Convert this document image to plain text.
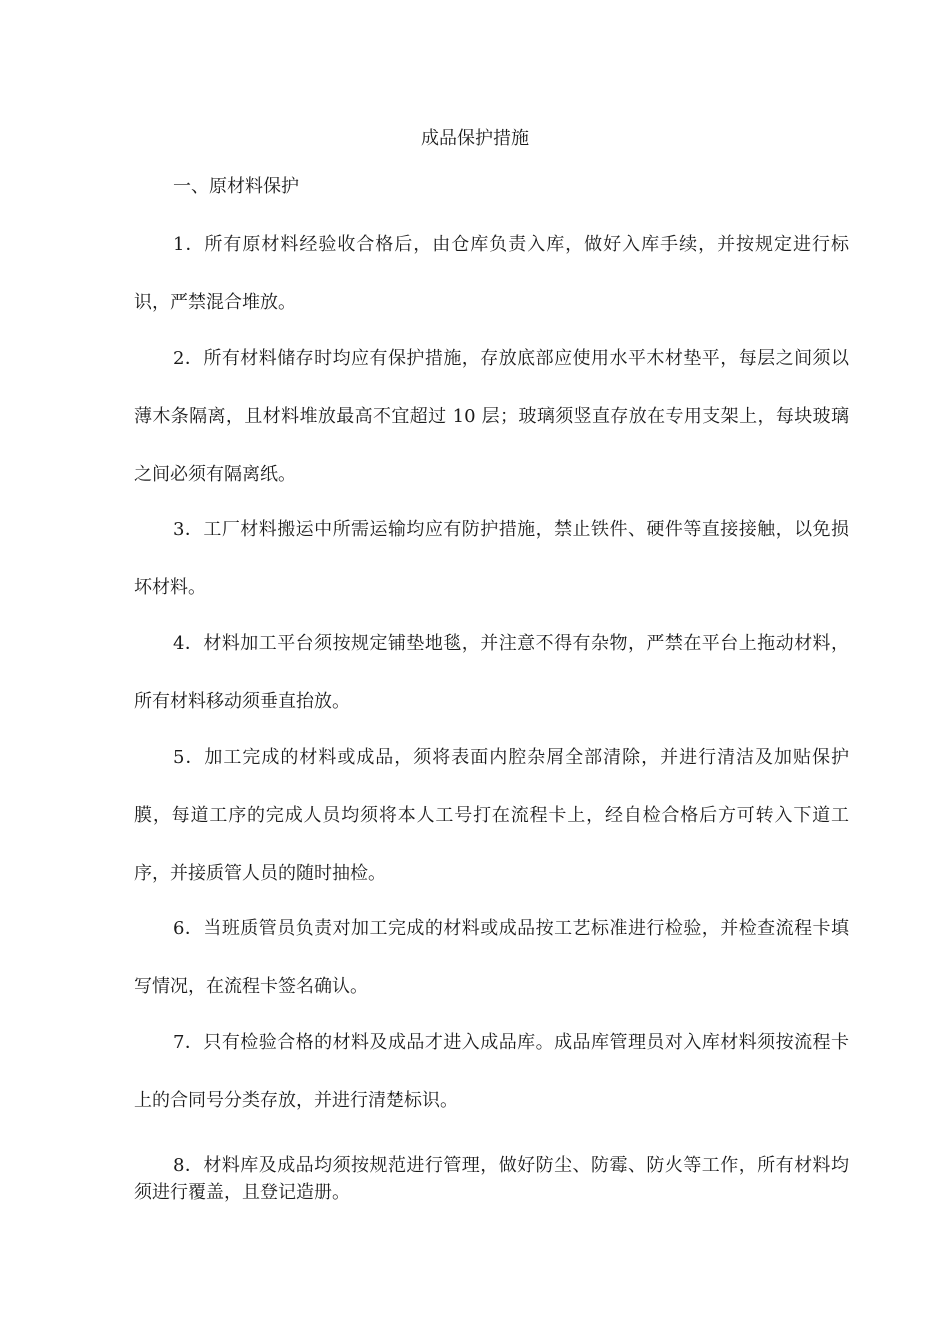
成品保护措施
一、原材料保护

1．所有原材料经验收合格后，由仓库负责入库，做好入库手续，并按规定进行标识，严禁混合堆放。

2．所有材料储存时均应有保护措施，存放底部应使用水平木材垫平，每层之间须以薄木条隔离，且材料堆放最高不宜超过 10 层；玻璃须竖直存放在专用支架上，每块玻璃之间必须有隔离纸。

3．工厂材料搬运中所需运输均应有防护措施，禁止铁件、硬件等直接接触，以免损坏材料。

4．材料加工平台须按规定铺垫地毯，并注意不得有杂物，严禁在平台上拖动材料，所有材料移动须垂直抬放。

5．加工完成的材料或成品，须将表面内腔杂屑全部清除，并进行清洁及加贴保护膜，每道工序的完成人员均须将本人工号打在流程卡上，经自检合格后方可转入下道工序，并接质管人员的随时抽检。

6．当班质管员负责对加工完成的材料或成品按工艺标准进行检验，并检查流程卡填写情况，在流程卡签名确认。

7．只有检验合格的材料及成品才进入成品库。成品库管理员对入库材料须按流程卡上的合同号分类存放，并进行清楚标识。

8．材料库及成品均须按规范进行管理，做好防尘、防霉、防火等工作，所有材料均须进行覆盖，且登记造册。
